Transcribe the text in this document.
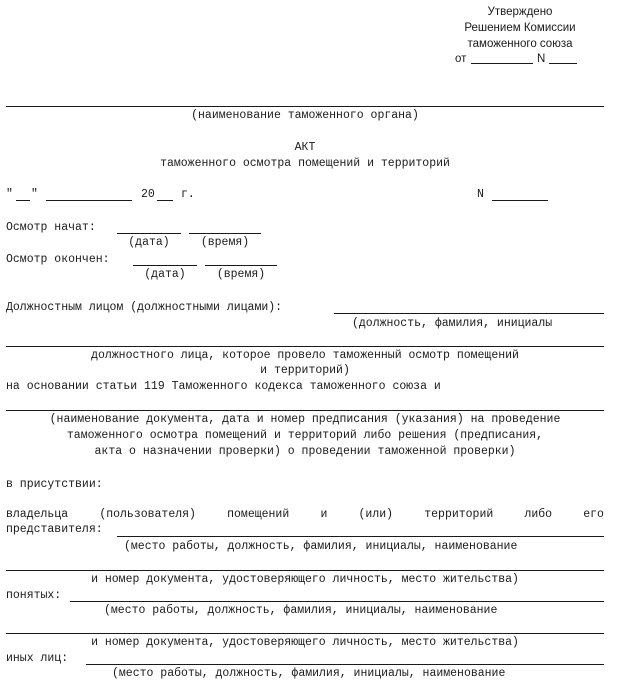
Утверждено
Решением Комиссии
таможенного союза
от	N
(наименование таможенного органа)
АКТ
таможенного осмотра помещений и территорий
" "	20 г.	N
Осмотр начат:
(дата)	(время)
Осмотр окончен:
(дата)	(время)
Должностным лицом (должностными лицами):
(должность, фамилия, инициалы
должностного лица, которое провело таможенный осмотр помещений
и территорий)
на основании статьи 119 Таможенного кодекса таможенного союза и
(наименование документа, дата и номер предписания (указания) на проведение
таможенного осмотра помещений и территорий либо решения (предписания,
акта о назначении проверки) о проведении таможенной проверки)
в присутствии:
владельца	(пользователя)	помещений	и	(или)	территорий	либо	его
представителя:
(место работы, должность, фамилия, инициалы, наименование
и номер документа, удостоверяющего личность, место жительства)
понятых:
(место работы, должность, фамилия, инициалы, наименование
и номер документа, удостоверяющего личность, место жительства)
иных лиц:
(место работы, должность, фамилия, инициалы, наименование
